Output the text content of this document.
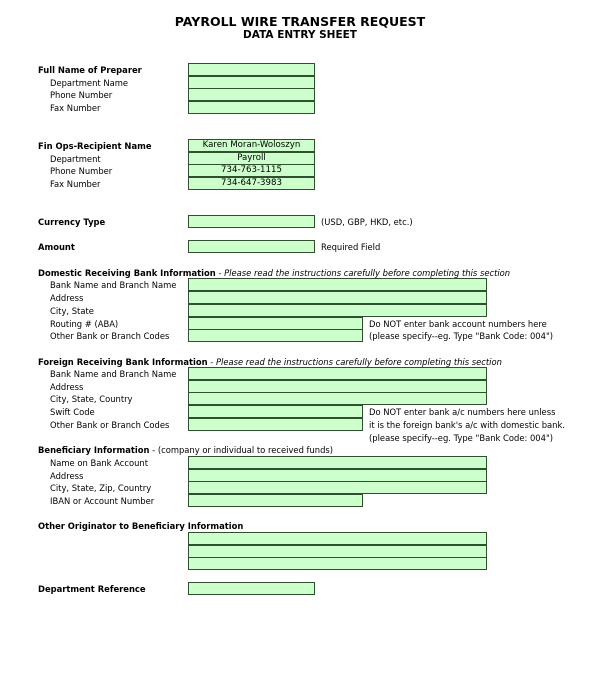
PAYROLL WIRE TRANSFER REQUEST
DATA ENTRY SHEET
Full Name of Preparer
Department Name
Phone Number
Fax Number
Fin Ops-Recipient Name
Department
Phone Number
Fax Number
Karen Moran-Woloszyn
Payroll
734-763-1115
734-647-3983
Currency Type	(USD, GBP, HKD, etc.)
Amount	Required Field
Domestic Receiving Bank Information - Please read the instructions carefully before completing this section
Bank Name and Branch Name
Address
City, State
Routing # (ABA)
Other Bank or Branch Codes
Do NOT enter bank account numbers here
(please specify--eg. Type "Bank Code: 004")
Foreign Receiving Bank Information - Please read the instructions carefully before completing this section
Bank Name and Branch Name
Address
City, State, Country
Swift Code
Other Bank or Branch Codes
Do NOT enter bank a/c numbers here unless
it is the foreign bank's a/c with domestic bank.
(please specify--eg. Type "Bank Code: 004")
Beneficiary Information - (company or individual to received funds)
Name on Bank Account
Address
City, State, Zip, Country
IBAN or Account Number
Other Originator to Beneficiary Information
Department Reference
